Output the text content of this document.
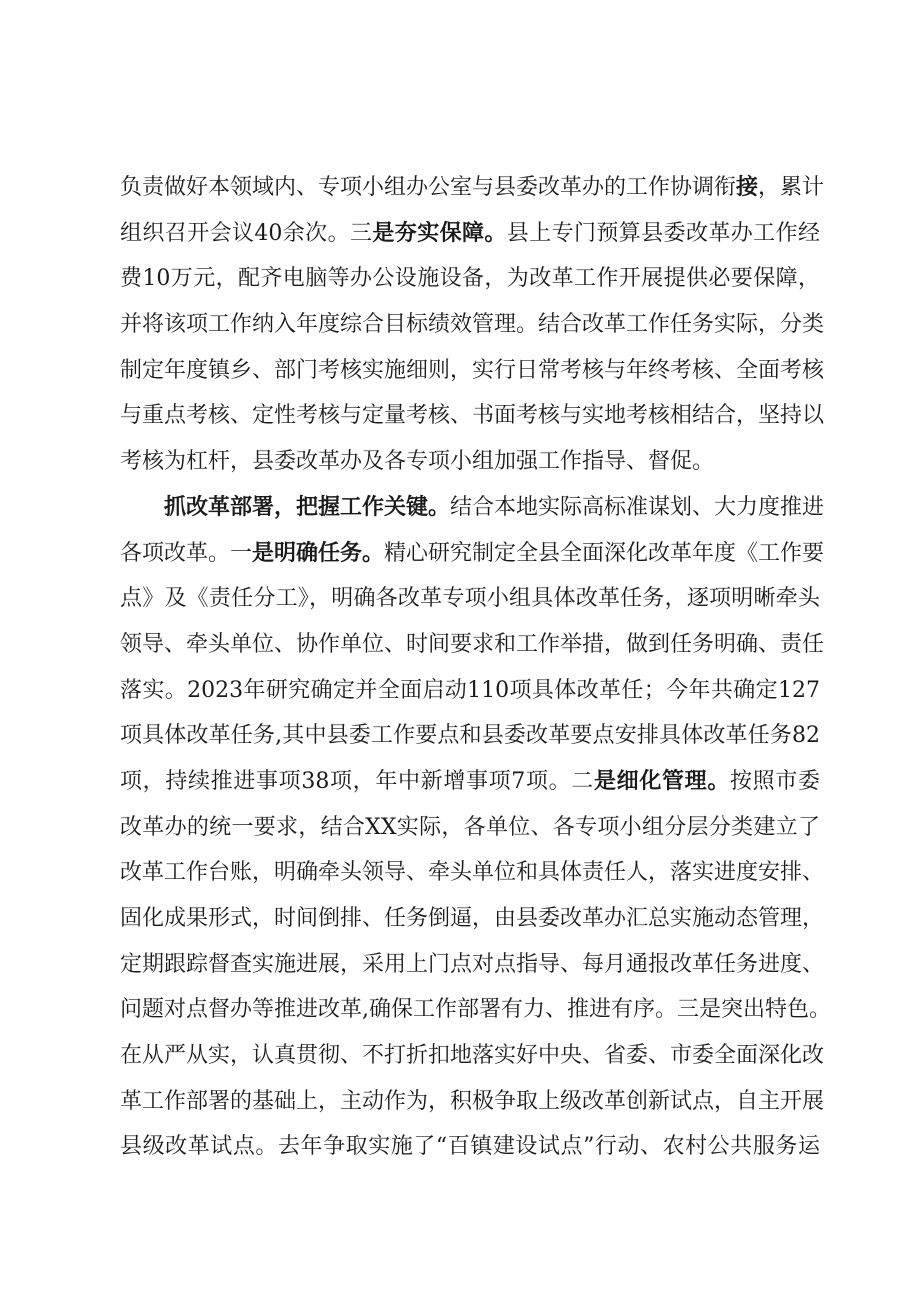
负责做好本领域内、专项小组办公室与县委改革办的工作协调衔接，累计
组织召开会议40余次。三是夯实保障。县上专门预算县委改革办工作经
费10万元，配齐电脑等办公设施设备，为改革工作开展提供必要保障，
并将该项工作纳入年度综合目标绩效管理。结合改革工作任务实际，分类
制定年度镇乡、部门考核实施细则，实行日常考核与年终考核、全面考核
与重点考核、定性考核与定量考核、书面考核与实地考核相结合，坚持以
考核为杠杆，县委改革办及各专项小组加强工作指导、督促。
抓改革部署，把握工作关键。结合本地实际高标准谋划、大力度推进
各项改革。一是明确任务。精心研究制定全县全面深化改革年度《工作要
点》及《责任分工》，明确各改革专项小组具体改革任务，逐项明晰牵头
领导、牵头单位、协作单位、时间要求和工作举措，做到任务明确、责任
落实。2023年研究确定并全面启动110项具体改革任；今年共确定127
项具体改革任务,其中县委工作要点和县委改革要点安排具体改革任务82
项，持续推进事项38项，年中新增事项7项。二是细化管理。按照市委
改革办的统一要求，结合XX实际，各单位、各专项小组分层分类建立了
改革工作台账，明确牵头领导、牵头单位和具体责任人，落实进度安排、
固化成果形式，时间倒排、任务倒逼，由县委改革办汇总实施动态管理，
定期跟踪督查实施进展，采用上门点对点指导、每月通报改革任务进度、
问题对点督办等推进改革,确保工作部署有力、推进有序。三是突出特色。
在从严从实，认真贯彻、不打折扣地落实好中央、省委、市委全面深化改
革工作部署的基础上，主动作为，积极争取上级改革创新试点，自主开展
县级改革试点。去年争取实施了“百镇建设试点”行动、农村公共服务运
